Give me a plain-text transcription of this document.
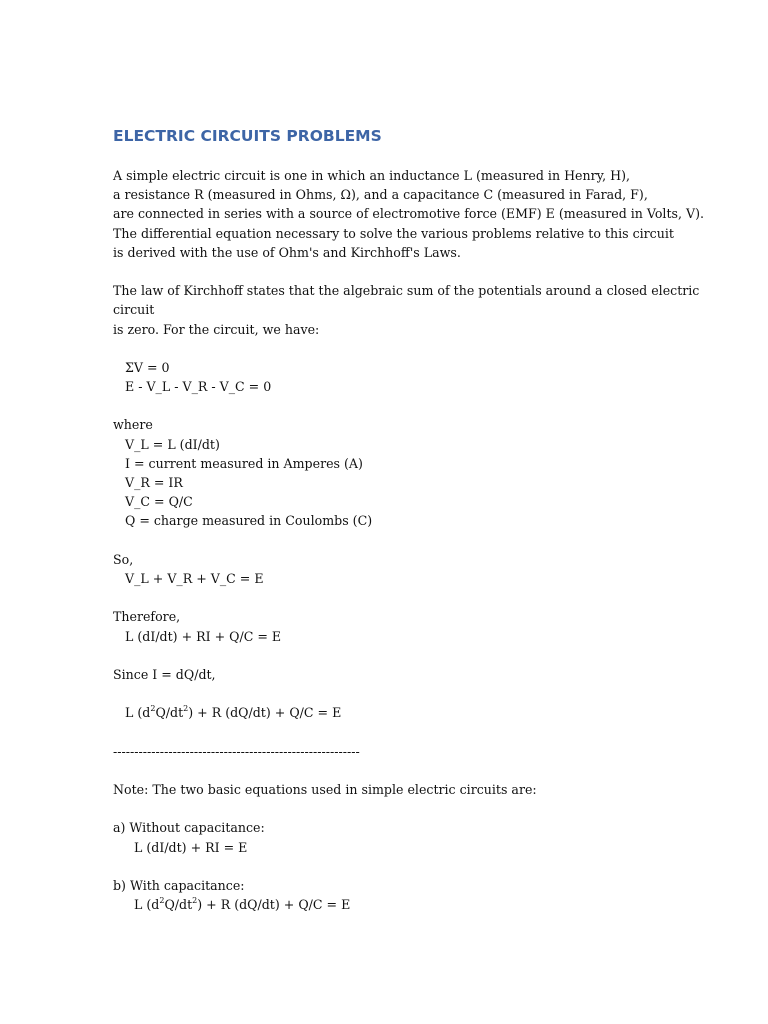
ELECTRIC CIRCUITS PROBLEMS
A simple electric circuit is one in which an inductance L (measured in Henry, H),
a resistance R (measured in Ohms, Ω), and a capacitance C (measured in Farad, F),
are connected in series with a source of electromotive force (EMF) E (measured in Volts, V).
The differential equation necessary to solve the various problems relative to this circuit
is derived with the use of Ohm's and Kirchhoff's Laws.
The law of Kirchhoff states that the algebraic sum of the potentials around a closed electric
circuit
is zero. For the circuit, we have:
ΣV = 0
E - V_L - V_R - V_C = 0
where
V_L = L (dI/dt)
I = current measured in Amperes (A)
V_R = IR
V_C = Q/C
Q = charge measured in Coulombs (C)
So,
V_L + V_R + V_C = E
Therefore,
L (dI/dt) + RI + Q/C = E
Since I = dQ/dt,
L $(d^2Q/dt^2) + R$ (dQ/dt) + Q/C = E
----------------------------------------------------------
Note: The two basic equations used in simple electric circuits are:
a) Without capacitance:
L (dI/dt) + RI = E
b) With capacitance:
L $(d^2Q/dt^2) + R$ (dQ/dt) + Q/C = E
